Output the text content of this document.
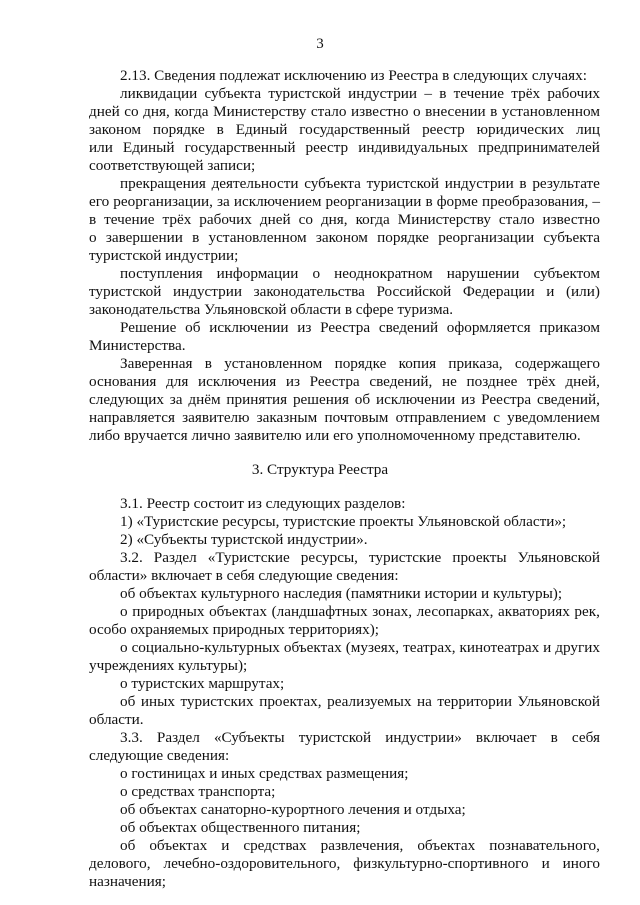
3
2.13. Сведения подлежат исключению из Реестра в следующих случаях:
ликвидации субъекта туристской индустрии – в течение трёх рабочих
дней со дня, когда Министерству стало известно о внесении в установленном
законом порядке в Единый государственный реестр юридических лиц
или Единый государственный реестр индивидуальных предпринимателей
соответствующей записи;
прекращения деятельности субъекта туристской индустрии в результате
его реорганизации, за исключением реорганизации в форме преобразования, –
в течение трёх рабочих дней со дня, когда Министерству стало известно
о завершении в установленном законом порядке реорганизации субъекта
туристской индустрии;
поступления информации о неоднократном нарушении субъектом
туристской индустрии законодательства Российской Федерации и (или)
законодательства Ульяновской области в сфере туризма.
Решение об исключении из Реестра сведений оформляется приказом
Министерства.
Заверенная в установленном порядке копия приказа, содержащего
основания для исключения из Реестра сведений, не позднее трёх дней,
следующих за днём принятия решения об исключении из Реестра сведений,
направляется заявителю заказным почтовым отправлением с уведомлением
либо вручается лично заявителю или его уполномоченному представителю.
3. Структура Реестра
3.1. Реестр состоит из следующих разделов:
1) «Туристские ресурсы, туристские проекты Ульяновской области»;
2) «Субъекты туристской индустрии».
3.2. Раздел «Туристские ресурсы, туристские проекты Ульяновской
области» включает в себя следующие сведения:
об объектах культурного наследия (памятники истории и культуры);
о природных объектах (ландшафтных зонах, лесопарках, акваториях рек,
особо охраняемых природных территориях);
о социально-культурных объектах (музеях, театрах, кинотеатрах и других
учреждениях культуры);
о туристских маршрутах;
об иных туристских проектах, реализуемых на территории Ульяновской
области.
3.3. Раздел «Субъекты туристской индустрии» включает в себя
следующие сведения:
о гостиницах и иных средствах размещения;
о средствах транспорта;
об объектах санаторно-курортного лечения и отдыха;
об объектах общественного питания;
об объектах и средствах развлечения, объектах познавательного,
делового, лечебно-оздоровительного, физкультурно-спортивного и иного
назначения;
